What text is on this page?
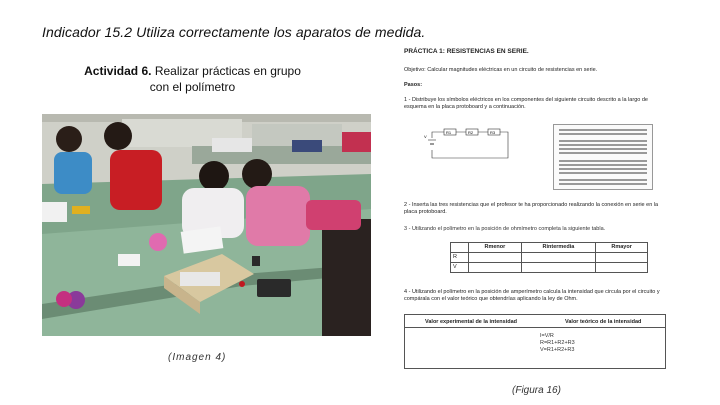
Indicador 15.2 Utiliza correctamente los aparatos de medida.
Actividad 6. Realizar prácticas en grupo con el polímetro
(Imagen 4)
PRÁCTICA 1: RESISTENCIAS EN SERIE.
Objetivo: Calcular magnitudes eléctricas en un circuito de resistencias en serie.
Pasos:
1 - Distribuye los símbolos eléctricos en los componentes del siguiente circuito descrito a la largo de esquema en la placa protoboard y a continuación.
R1	R2	R3
V
2 - Inserta las tres resistencias que el profesor te ha proporcionado realizando la conexión en serie en la placa protoboard.
3 - Utilizando el polímetro en la posición de ohmímetro completa la siguiente tabla.
	Rmenor	Rintermedia	Rmayor
R			
V			
4 - Utilizando el polímetro en la posición de amperímetro calcula la intensidad que circula por el circuito y compárala con el valor teórico que obtendrías aplicando la ley de Ohm.
Valor experimental de la intensidad	Valor teórico de la intensidad
I=V/R
R=R1+R2+R3
V=R1+R2+R3
(Figura 16)
